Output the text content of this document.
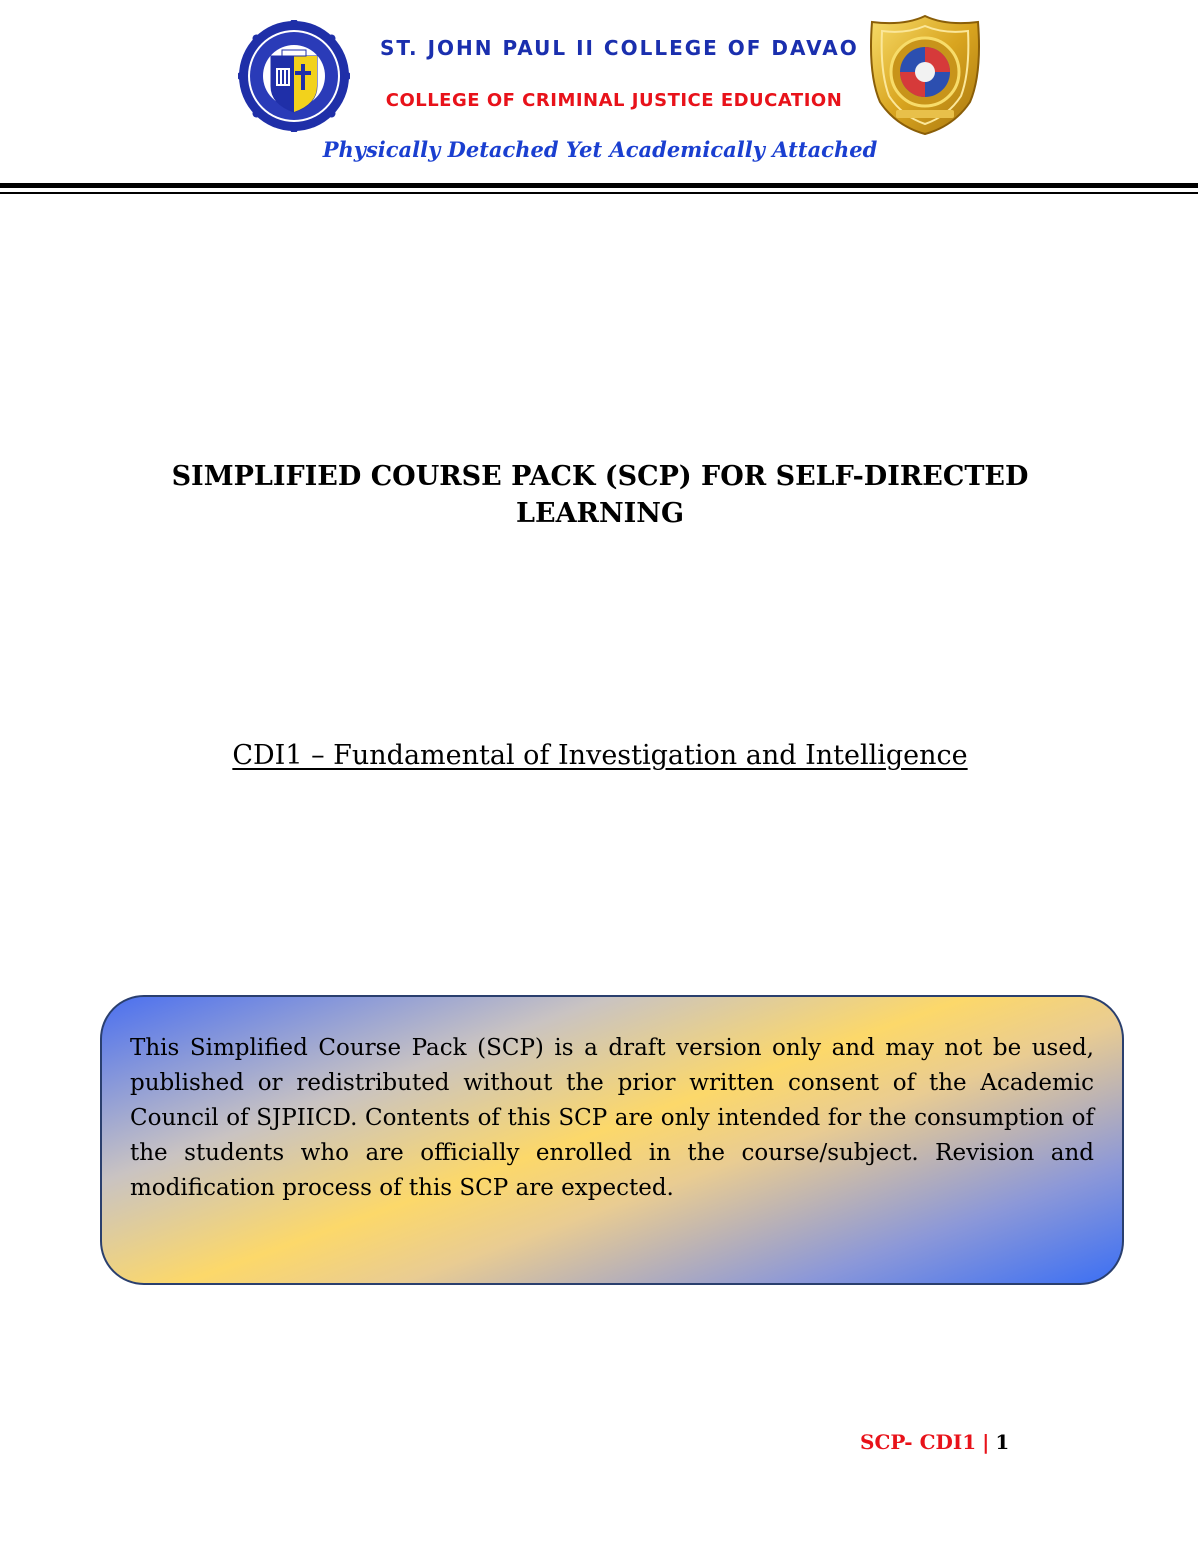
ST. JOHN PAUL II COLLEGE OF DAVAO
COLLEGE OF CRIMINAL JUSTICE EDUCATION
Physically Detached Yet Academically Attached
SIMPLIFIED COURSE PACK (SCP) FOR SELF-DIRECTED LEARNING
CDI1 – Fundamental of Investigation and Intelligence

This Simplified Course Pack (SCP) is a draft version only and may not be used, published or redistributed without the prior written consent of the Academic Council of SJPIICD. Contents of this SCP are only intended for the consumption of the students who are officially enrolled in the course/subject. Revision and modification process of this SCP are expected.

SCP- CDI1 | 1
